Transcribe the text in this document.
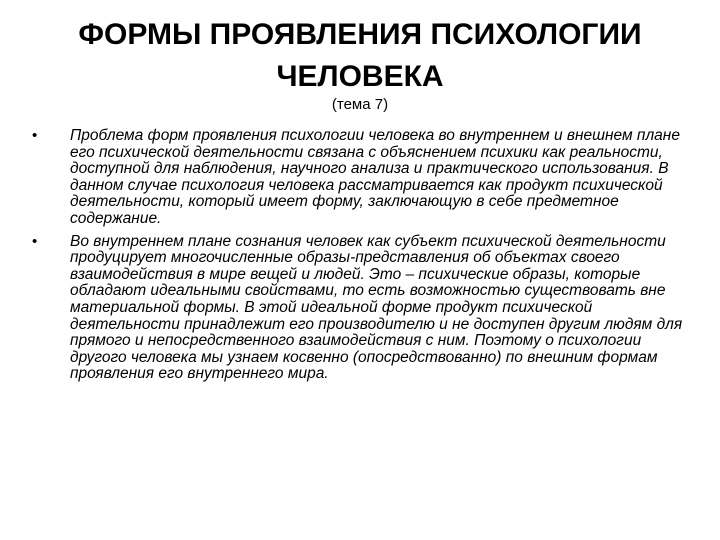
ФОРМЫ ПРОЯВЛЕНИЯ ПСИХОЛОГИИ
ЧЕЛОВЕКА

(тема 7)

• Проблема форм проявления психологии человека во внутреннем и внешнем плане его психической деятельности связана с объяснением психики как реальности, доступной для наблюдения, научного анализа и практического использования. В данном случае психология человека рассматривается как продукт психической деятельности, который имеет форму, заключающую в себе предметное содержание.
• Во внутреннем плане сознания человек как субъект психической деятельности продуцирует многочисленные образы-представления об объектах своего взаимодействия в мире вещей и людей. Это – психические образы, которые обладают идеальными свойствами, то есть возможностью существовать вне материальной формы. В этой идеальной форме продукт психической деятельности принадлежит его производителю и не доступен другим людям для прямого и непосредственного взаимодействия с ним. Поэтому о психологии другого человека мы узнаем косвенно (опосредствованно) по внешним формам проявления его внутреннего мира.
